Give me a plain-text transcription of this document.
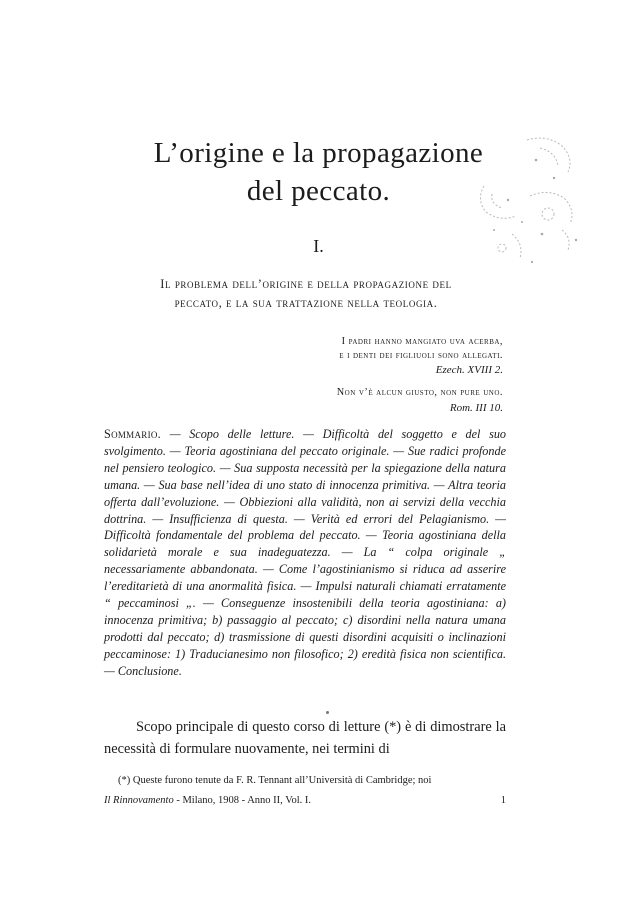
L’origine e la propagazione
del peccato.
I.
Il problema dell’origine e della propagazione del
peccato, e la sua trattazione nella teologia.
I padri hanno mangiato uva acerba,
e i denti dei figliuoli sono allegati.
Ezech. XVIII 2.
Non v’è alcun giusto, non pure uno.
Rom. III 10.
Sommario. — Scopo delle letture. — Difficoltà del soggetto e del suo svolgimento. — Teoria agostiniana del peccato originale. — Sue radici profonde nel pensiero teologico. — Sua supposta necessità per la spiegazione della natura umana. — Sua base nell’idea di uno stato di innocenza primitiva. — Altra teoria offerta dall’evoluzione. — Obbiezioni alla validità, non ai servizi della vecchia dottrina. — Insufficienza di questa. — Verità ed errori del Pelagianismo. — Difficoltà fondamentale del problema del peccato. — Teoria agostiniana della solidarietà morale e sua inadeguatezza. — La “ colpa originale „ necessariamente abbandonata. — Come l’agostinianismo si riduca ad asserire l’ereditarietà di una anormalità fisica. — Impulsi naturali chiamati erratamente “ peccaminosi „. — Conseguenze insostenibili della teoria agostiniana: a) innocenza primitiva; b) passaggio al peccato; c) disordini nella natura umana prodotti dal peccato; d) trasmissione di questi disordini acquisiti o inclinazioni peccaminose: 1) Traducianesimo non filosofico; 2) eredità fisica non scientifica. — Conclusione.
Scopo principale di questo corso di letture (*) è di dimostrare la necessità di formulare nuovamente, nei termini di
(*) Queste furono tenute da F. R. Tennant all’Università di Cambridge; noi
Il Rinnovamento - Milano, 1908 - Anno II, Vol. I.	1
